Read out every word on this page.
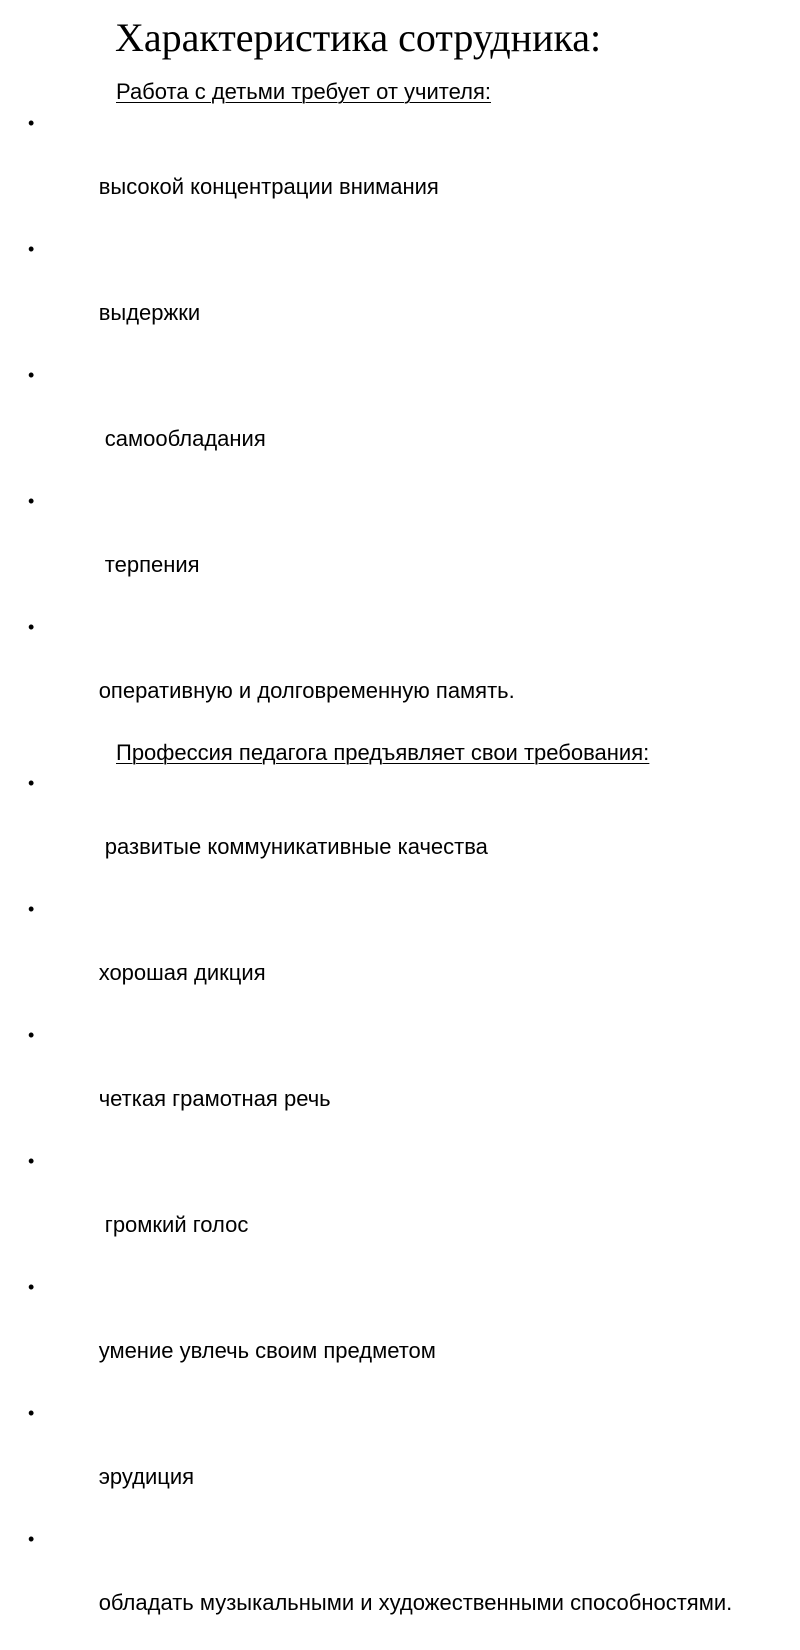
Характеристика сотрудника:
Работа с детьми требует от учителя:

•

высокой концентрации внимания

•

выдержки

•

самообладания

•

терпения

•

оперативную и долговременную память.

Профессия педагога предъявляет свои требования:

•

развитые коммуникативные качества

•

хорошая дикция

•

четкая грамотная речь

•

громкий голос

•

умение увлечь своим предметом

•

эрудиция

•

обладать музыкальными и художественными способностями.
